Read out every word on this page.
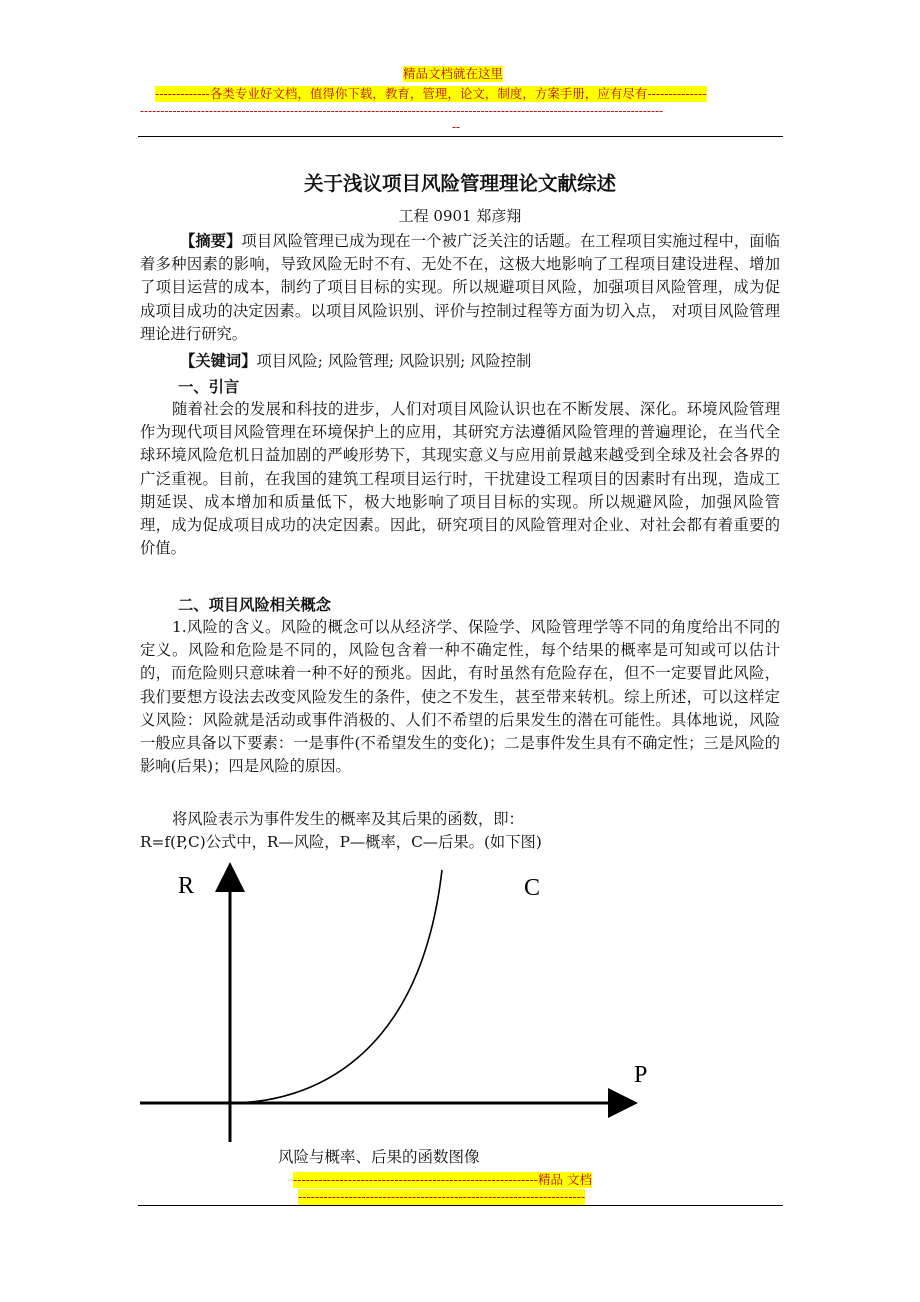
精品文档就在这里
-------------各类专业好文档，值得你下载，教育，管理，论文，制度，方案手册，应有尽有--------------
---------------------------------------------------------------------------------------------------------------------------------
--
关于浅议项目风险管理理论文献综述
工程 0901 郑彦翔

【摘要】项目风险管理已成为现在一个被广泛关注的话题。在工程项目实施过程中，面临着多种因素的影响，导致风险无时不有、无处不在，这极大地影响了工程项目建设进程、增加了项目运营的成本，制约了项目目标的实现。所以规避项目风险，加强项目风险管理，成为促成项目成功的决定因素。以项目风险识别、评价与控制过程等方面为切入点， 对项目风险管理理论进行研究。

【关键词】项目风险; 风险管理; 风险识别; 风险控制

一、引言

随着社会的发展和科技的进步，人们对项目风险认识也在不断发展、深化。环境风险管理作为现代项目风险管理在环境保护上的应用，其研究方法遵循风险管理的普遍理论，在当代全球环境风险危机日益加剧的严峻形势下，其现实意义与应用前景越来越受到全球及社会各界的广泛重视。目前，在我国的建筑工程项目运行时，干扰建设工程项目的因素时有出现，造成工期延误、成本增加和质量低下，极大地影响了项目目标的实现。所以规避风险，加强风险管理，成为促成项目成功的决定因素。因此，研究项目的风险管理对企业、对社会都有着重要的价值。

二、项目风险相关概念

1.风险的含义。风险的概念可以从经济学、保险学、风险管理学等不同的角度给出不同的定义。风险和危险是不同的，风险包含着一种不确定性，每个结果的概率是可知或可以估计的，而危险则只意味着一种不好的预兆。因此，有时虽然有危险存在，但不一定要冒此风险，我们要想方设法去改变风险发生的条件，使之不发生，甚至带来转机。综上所述，可以这样定义风险：风险就是活动或事件消极的、人们不希望的后果发生的潜在可能性。具体地说，风险一般应具备以下要素：一是事件(不希望发生的变化)；二是事件发生具有不确定性；三是风险的影响(后果)；四是风险的原因。

将风险表示为事件发生的概率及其后果的函数，即：

R=f(P,C)公式中，R—风险，P—概率，C—后果。(如下图)

R	C
P
风险与概率、后果的函数图像
----------------------------------------------------------精品 文档
--------------------------------------------------------------------
